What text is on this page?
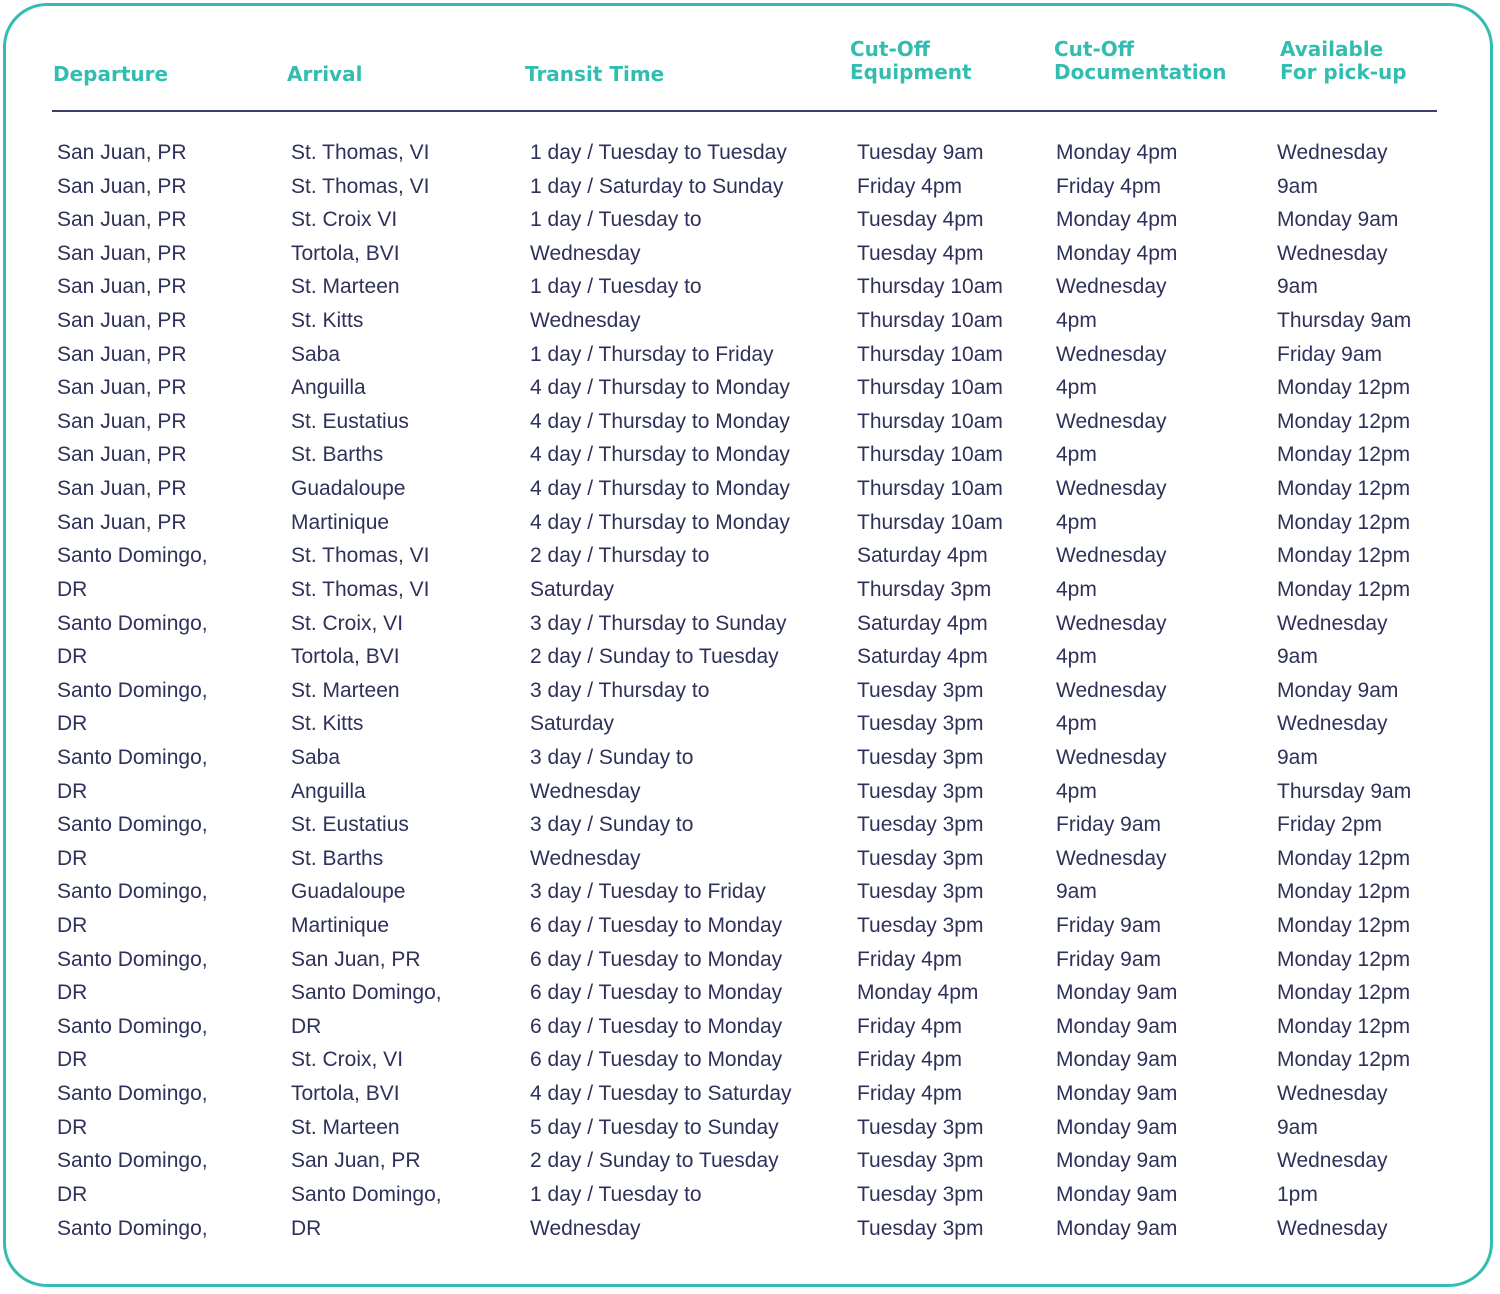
Departure	Arrival	Transit Time
Cut-Off
Equipment
Cut-Off
Documentation
Available
For pick-up
San Juan, PR
San Juan, PR
San Juan, PR
San Juan, PR
San Juan, PR
San Juan, PR
San Juan, PR
San Juan, PR
San Juan, PR
San Juan, PR
San Juan, PR
San Juan, PR
Santo Domingo,
DR
Santo Domingo,
DR
Santo Domingo,
DR
Santo Domingo,
DR
Santo Domingo,
DR
Santo Domingo,
DR
Santo Domingo,
DR
Santo Domingo,
DR
Santo Domingo,
DR
Santo Domingo,
DR
Santo Domingo,
St. Thomas, VI
St. Thomas, VI
St. Croix VI
Tortola, BVI
St. Marteen
St. Kitts
Saba
Anguilla
St. Eustatius
St. Barths
Guadaloupe
Martinique
St. Thomas, VI
St. Thomas, VI
St. Croix, VI
Tortola, BVI
St. Marteen
St. Kitts
Saba
Anguilla
St. Eustatius
St. Barths
Guadaloupe
Martinique
San Juan, PR
Santo Domingo,
DR
St. Croix, VI
Tortola, BVI
St. Marteen
San Juan, PR
Santo Domingo,
DR
1 day / Tuesday to Tuesday
1 day / Saturday to Sunday
1 day / Tuesday to
Wednesday
1 day / Tuesday to
Wednesday
1 day / Thursday to Friday
4 day / Thursday to Monday
4 day / Thursday to Monday
4 day / Thursday to Monday
4 day / Thursday to Monday
4 day / Thursday to Monday
2 day / Thursday to
Saturday
3 day / Thursday to Sunday
2 day / Sunday to Tuesday
3 day / Thursday to
Saturday
3 day / Sunday to
Wednesday
3 day / Sunday to
Wednesday
3 day / Tuesday to Friday
6 day / Tuesday to Monday
6 day / Tuesday to Monday
6 day / Tuesday to Monday
6 day / Tuesday to Monday
6 day / Tuesday to Monday
4 day / Tuesday to Saturday
5 day / Tuesday to Sunday
2 day / Sunday to Tuesday
1 day / Tuesday to
Wednesday
Tuesday 9am
Friday 4pm
Tuesday 4pm
Tuesday 4pm
Thursday 10am
Thursday 10am
Thursday 10am
Thursday 10am
Thursday 10am
Thursday 10am
Thursday 10am
Thursday 10am
Saturday 4pm
Thursday 3pm
Saturday 4pm
Saturday 4pm
Tuesday 3pm
Tuesday 3pm
Tuesday 3pm
Tuesday 3pm
Tuesday 3pm
Tuesday 3pm
Tuesday 3pm
Tuesday 3pm
Friday 4pm
Monday 4pm
Friday 4pm
Friday 4pm
Friday 4pm
Tuesday 3pm
Tuesday 3pm
Tuesday 3pm
Tuesday 3pm
Monday 4pm
Friday 4pm
Monday 4pm
Monday 4pm
Wednesday
4pm
Wednesday
4pm
Wednesday
4pm
Wednesday
4pm
Wednesday
4pm
Wednesday
4pm
Wednesday
4pm
Wednesday
4pm
Friday 9am
Wednesday
9am
Friday 9am
Friday 9am
Monday 9am
Monday 9am
Monday 9am
Monday 9am
Monday 9am
Monday 9am
Monday 9am
Monday 9am
Wednesday
9am
Monday 9am
Wednesday
9am
Thursday 9am
Friday 9am
Monday 12pm
Monday 12pm
Monday 12pm
Monday 12pm
Monday 12pm
Monday 12pm
Monday 12pm
Wednesday
9am
Monday 9am
Wednesday
9am
Thursday 9am
Friday 2pm
Monday 12pm
Monday 12pm
Monday 12pm
Monday 12pm
Monday 12pm
Monday 12pm
Monday 12pm
Wednesday
9am
Wednesday
1pm
Wednesday
